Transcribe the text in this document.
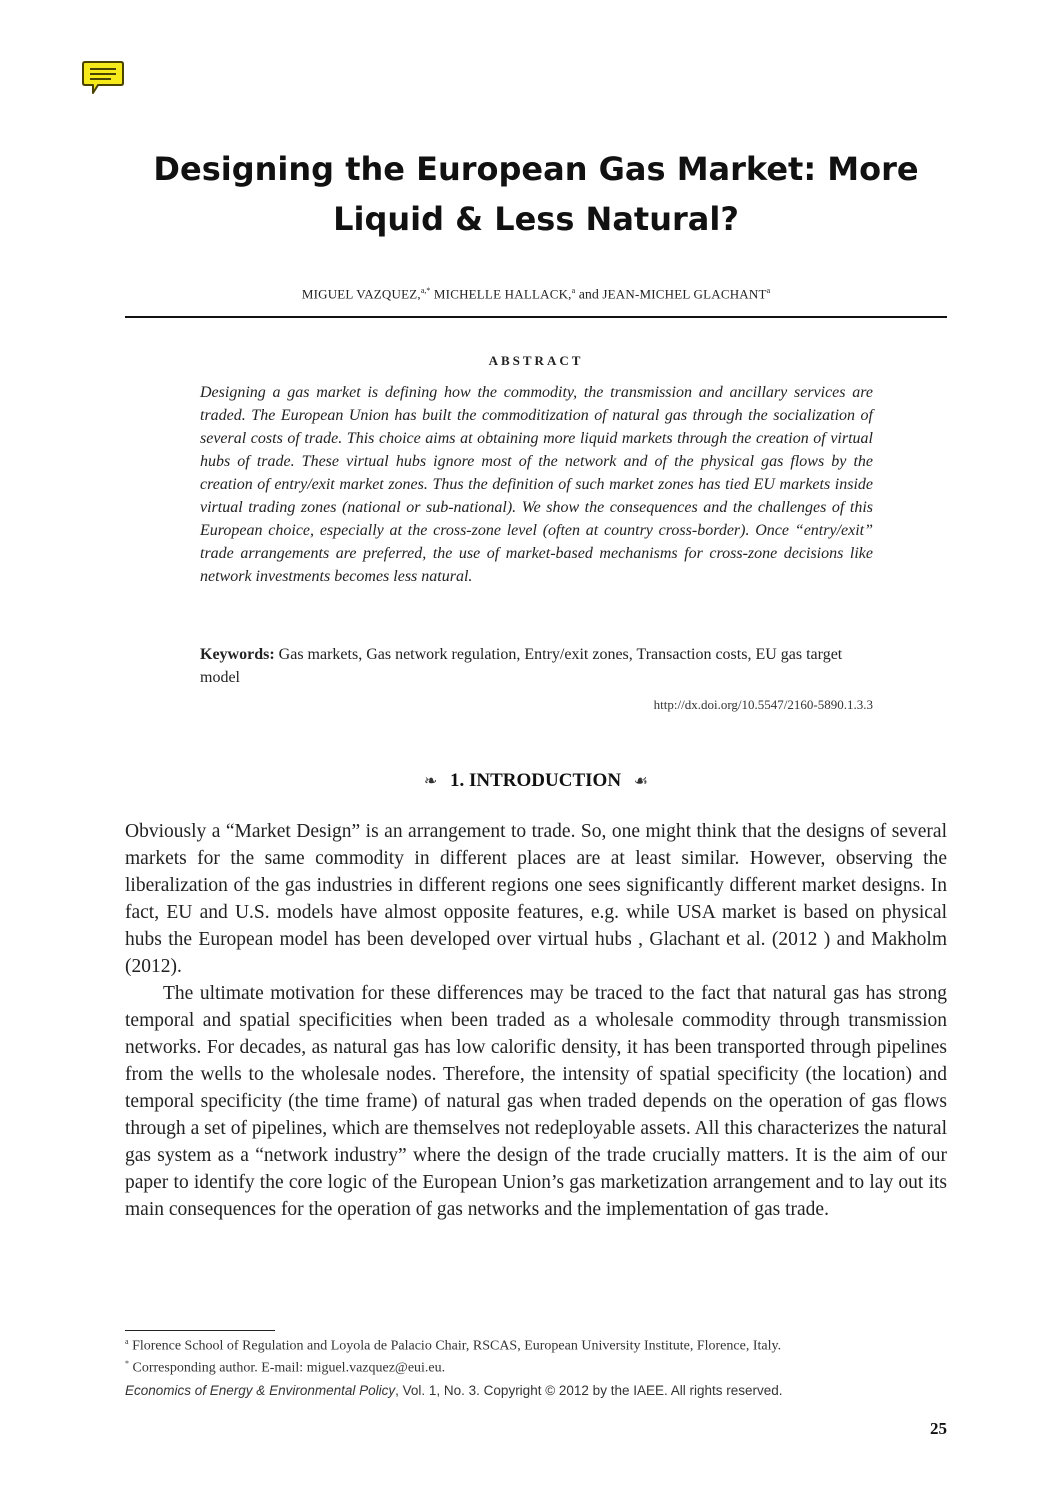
Designing the European Gas Market: More
Liquid & Less Natural?
MIGUEL VAZQUEZ,$^{a,*}$ MICHELLE HALLACK,$^a$ and JEAN-MICHEL GLACHANT$^a$
ABSTRACT
Designing a gas market is defining how the commodity, the transmission and ancillary services are traded. The European Union has built the commoditization of natural gas through the socialization of several costs of trade. This choice aims at obtaining more liquid markets through the creation of virtual hubs of trade. These virtual hubs ignore most of the network and of the physical gas flows by the creation of entry/exit market zones. Thus the definition of such market zones has tied EU markets inside virtual trading zones (national or sub-national). We show the consequences and the challenges of this European choice, especially at the cross-zone level (often at country cross-border). Once “entry/exit” trade arrangements are preferred, the use of market-based mechanisms for cross-zone decisions like network investments becomes less natural.
Keywords: Gas markets, Gas network regulation, Entry/exit zones, Transaction costs, EU gas target model
http://dx.doi.org/10.5547/2160-5890.1.3.3
❧ 1. INTRODUCTION ☙

Obviously a “Market Design” is an arrangement to trade. So, one might think that the designs of several markets for the same commodity in different places are at least similar. However, observing the liberalization of the gas industries in different regions one sees significantly different market designs. In fact, EU and U.S. models have almost opposite features, e.g. while USA market is based on physical hubs the European model has been developed over virtual hubs , Glachant et al. (2012 ) and Makholm (2012).

The ultimate motivation for these differences may be traced to the fact that natural gas has strong temporal and spatial specificities when been traded as a wholesale commodity through transmission networks. For decades, as natural gas has low calorific density, it has been transported through pipelines from the wells to the wholesale nodes. Therefore, the intensity of spatial specificity (the location) and temporal specificity (the time frame) of natural gas when traded depends on the operation of gas flows through a set of pipelines, which are themselves not redeployable assets. All this characterizes the natural gas system as a “network industry” where the design of the trade crucially matters. It is the aim of our paper to identify the core logic of the European Union’s gas marketization arrangement and to lay out its main consequences for the operation of gas networks and the implementation of gas trade.

$^a$ Florence School of Regulation and Loyola de Palacio Chair, RSCAS, European University Institute, Florence, Italy.
* Corresponding author. E-mail: miguel.vazquez@eui.eu.
Economics of Energy & Environmental Policy, Vol. 1, No. 3. Copyright © 2012 by the IAEE. All rights reserved.
25
